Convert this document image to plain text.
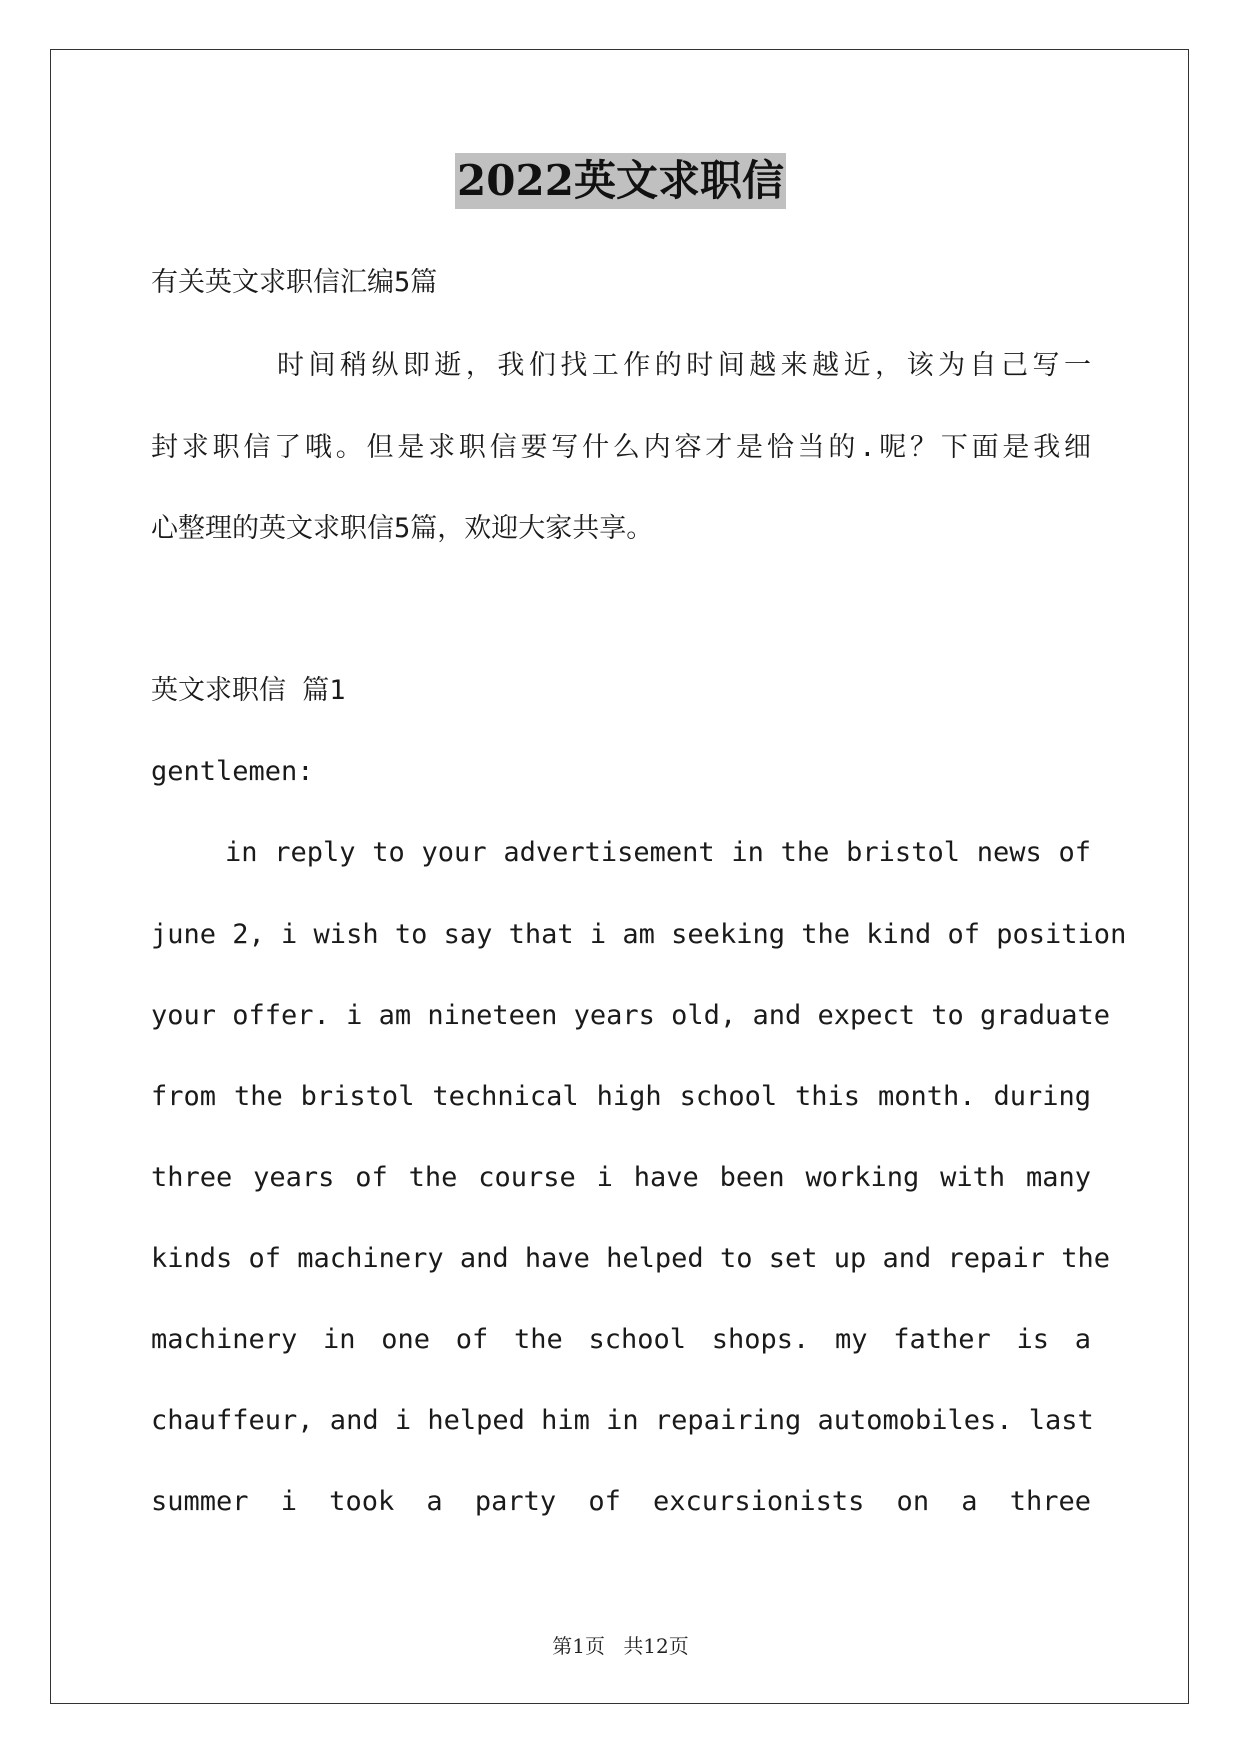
2022英文求职信
有关英文求职信汇编5篇
时间稍纵即逝，我们找工作的时间越来越近，该为自己写一
封求职信了哦。但是求职信要写什么内容才是恰当的.呢？下面是我细
心整理的英文求职信5篇，欢迎大家共享。
英文求职信 篇1
gentlemen:
in reply to your advertisement in the bristol news of
june 2, i wish to say that i am seeking the kind of position
your offer. i am nineteen years old, and expect to graduate
from the bristol technical high school this month. during
three years of the course i have been working with many
kinds of machinery and have helped to set up and repair the
machinery in one of the school shops. my father is a
chauffeur, and i helped him in repairing automobiles. last
summer i took a party of excursionists on a three
第1页 共12页
